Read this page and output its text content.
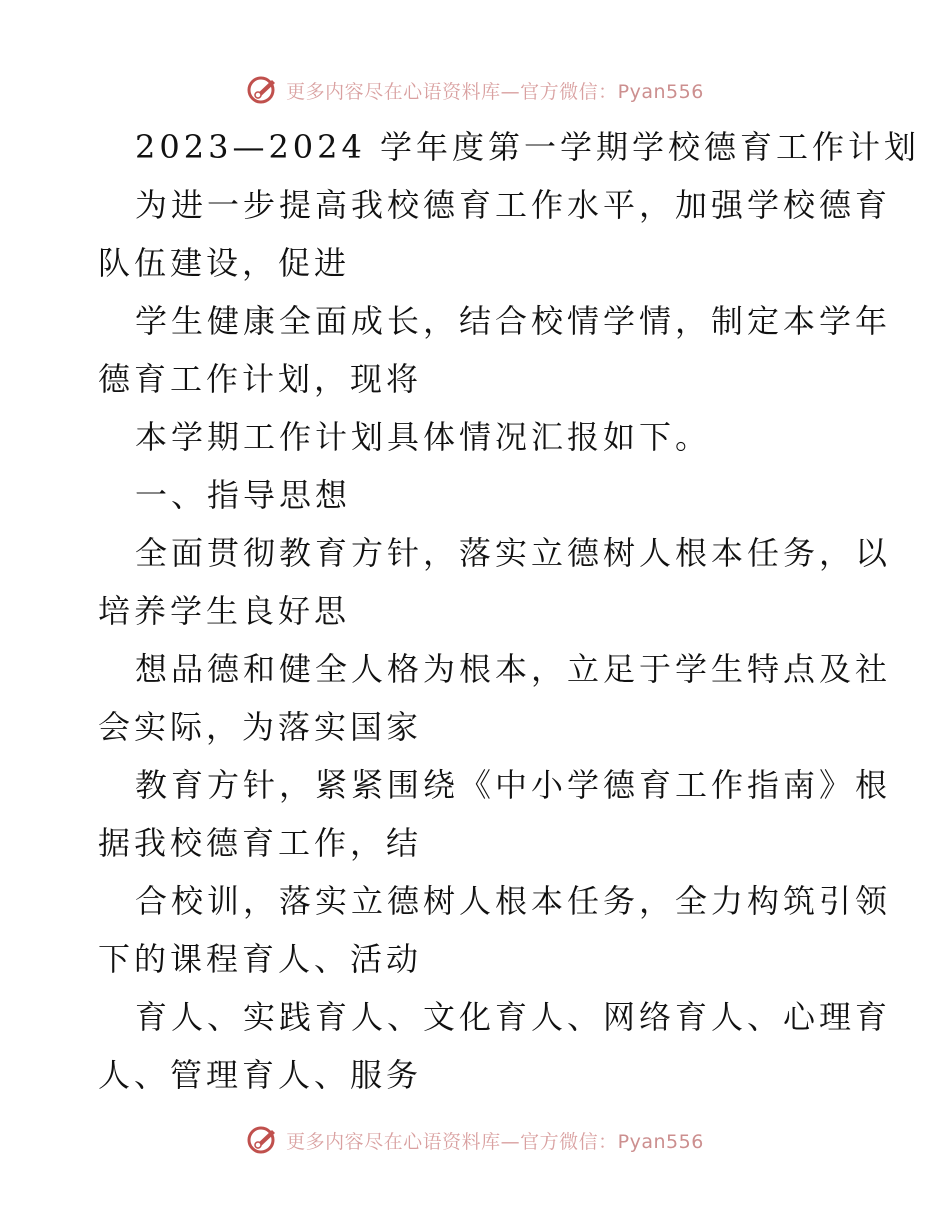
更多内容尽在心语资料库—官方微信：Pyan556
2023—2024 学年度第一学期学校德育工作计划
为进一步提高我校德育工作水平，加强学校德育
队伍建设，促进
学生健康全面成长，结合校情学情，制定本学年
德育工作计划，现将
本学期工作计划具体情况汇报如下。
一、指导思想
全面贯彻教育方针，落实立德树人根本任务，以
培养学生良好思
想品德和健全人格为根本，立足于学生特点及社
会实际，为落实国家
教育方针，紧紧围绕《中小学德育工作指南》根
据我校德育工作，结
合校训，落实立德树人根本任务，全力构筑引领
下的课程育人、活动
育人、实践育人、文化育人、网络育人、心理育
人、管理育人、服务
更多内容尽在心语资料库—官方微信：Pyan556
